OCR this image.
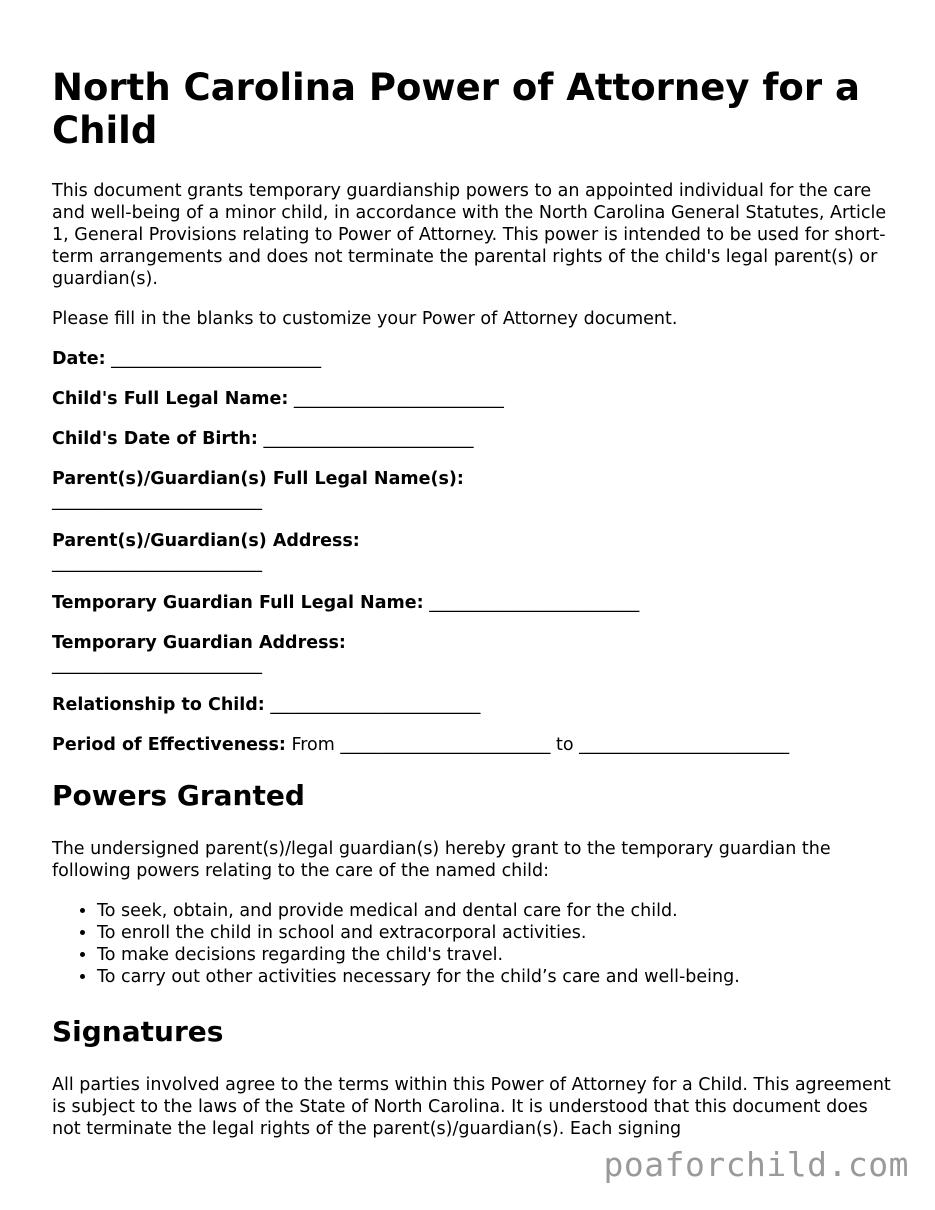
North Carolina Power of Attorney for a Child

This document grants temporary guardianship powers to an appointed individual for the care and well-being of a minor child, in accordance with the North Carolina General Statutes, Article 1, General Provisions relating to Power of Attorney. This power is intended to be used for short-term arrangements and does not terminate the parental rights of the child's legal parent(s) or guardian(s).

Please fill in the blanks to customize your Power of Attorney document.

Date: ________________________
Child's Full Legal Name: ________________________
Child's Date of Birth: ________________________
Parent(s)/Guardian(s) Full Legal Name(s):
________________________
Parent(s)/Guardian(s) Address:
________________________
Temporary Guardian Full Legal Name: ________________________
Temporary Guardian Address:
________________________
Relationship to Child: ________________________
Period of Effectiveness: From ________________________ to ________________________
Powers Granted

The undersigned parent(s)/legal guardian(s) hereby grant to the temporary guardian the following powers relating to the care of the named child:

• To seek, obtain, and provide medical and dental care for the child.
• To enroll the child in school and extracorporal activities.
• To make decisions regarding the child's travel.
• To carry out other activities necessary for the child’s care and well-being.
Signatures

All parties involved agree to the terms within this Power of Attorney for a Child. This agreement is subject to the laws of the State of North Carolina. It is understood that this document does not terminate the legal rights of the parent(s)/guardian(s). Each signing

poaforchild.com
